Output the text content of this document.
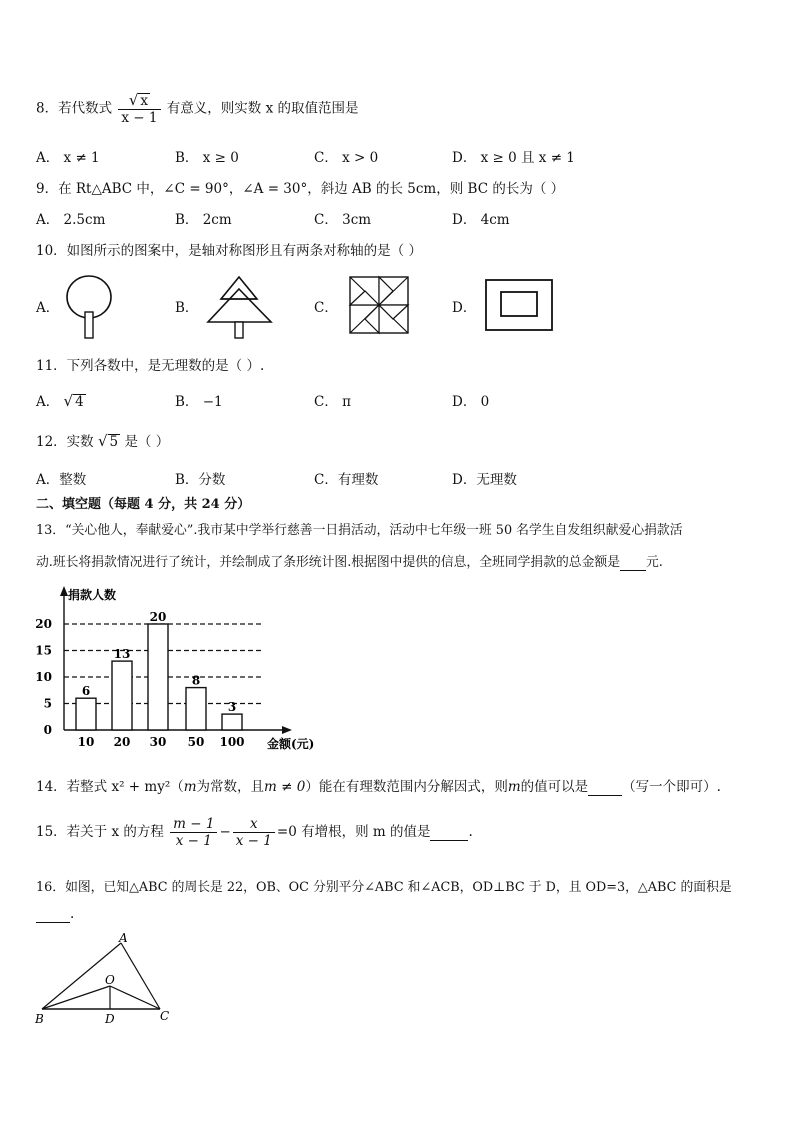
8．若代数式 $\frac{√ x}{x - 1}$ 有意义，则实数 x 的取值范围是
A． x ≠ 1	B． x ≥ 0	C． x > 0	D． x ≥ 0 且 x ≠ 1
9．在 Rt△ABC 中，∠C = 90°，∠A = 30°，斜边 AB 的长 5cm，则 BC 的长为（ ）
A． 2.5cm	B． 2cm	C． 3cm	D． 4cm
10．如图所示的图案中，是轴对称图形且有两条对称轴的是（ ）
A．	B．	C．	D．
11．下列各数中，是无理数的是（ ）.
A． √ 4	B． −1	C． π	D． 0
12．实数 √ 5 是（ ）
A．整数	B．分数	C．有理数	D．无理数
二、填空题（每题 4 分，共 24 分）
13．“关心他人，奉献爱心”.我市某中学举行慈善一日捐活动，活动中七年级一班 50 名学生自发组织献爱心捐款活
动.班长将捐款情况进行了统计，并绘制成了条形统计图.根据图中提供的信息，全班同学捐款的总金额是 元.
捐款人数
金额(元)
0
5
10
15
20
6
10
13
20
20
30
8
50
3
100
14．若整式 x² + my²（m为常数，且m ≠ 0）能在有理数范围内分解因式，则m的值可以是	（写一个即可）.
15．若关于 x 的方程 $\frac{m - 1}{x - 1} - \frac{x}{x - 1} =0$ 有增根，则 m 的值是	.
16．如图，已知△ABC 的周长是 22，OB、OC 分别平分∠ABC 和∠ACB，OD⊥BC 于 D，且 OD=3，△ABC 的面积是
.
A
O
B	D	C
